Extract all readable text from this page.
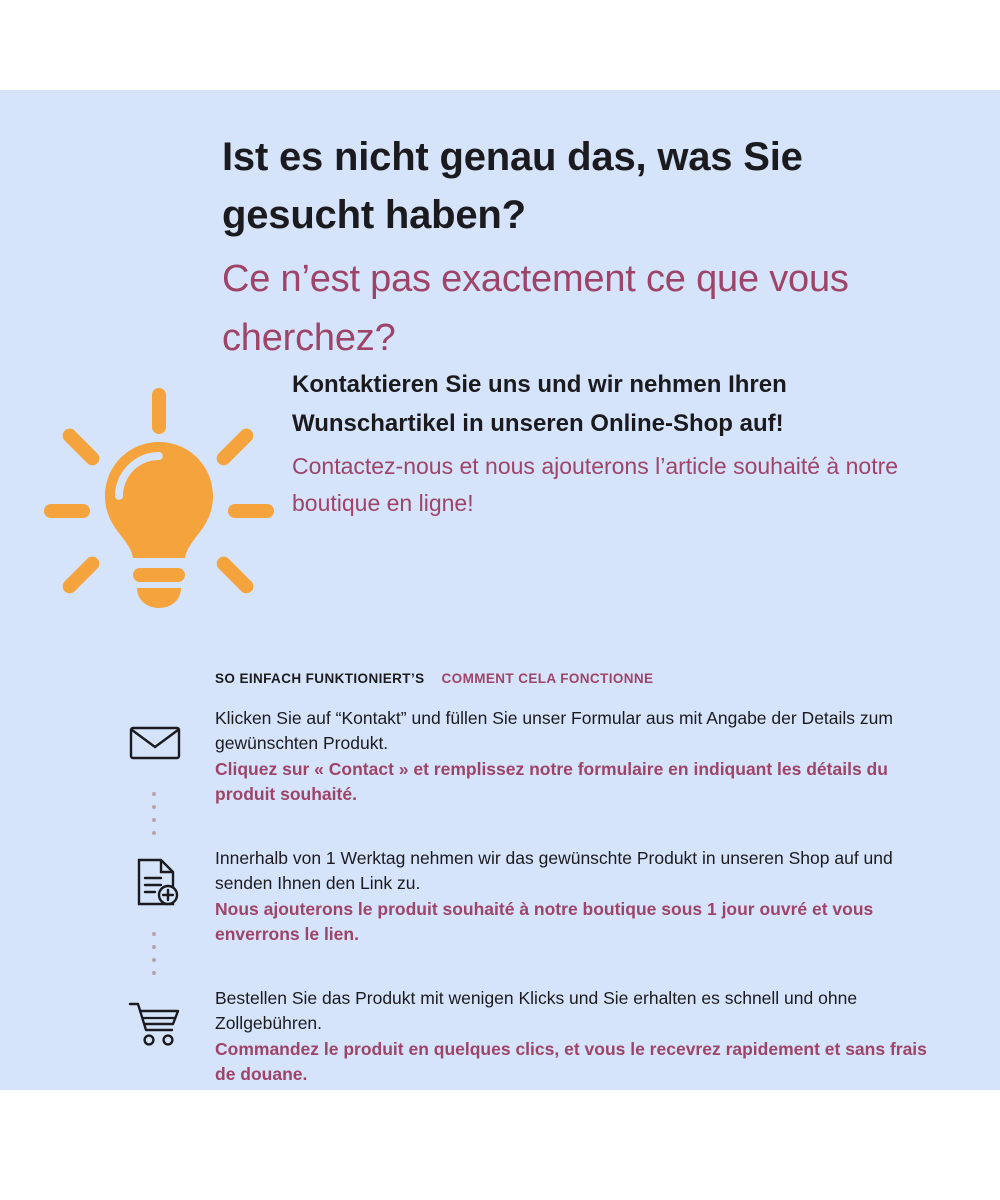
Ist es nicht genau das, was Sie gesucht haben?

Ce n’est pas exactement ce que vous cherchez?

Kontaktieren Sie uns und wir nehmen Ihren Wunschartikel in unseren Online-Shop auf!

Contactez-nous et nous ajouterons l’article souhaité à notre boutique en ligne!

SO EINFACH FUNKTIONIERT’S COMMENT CELA FONCTIONNE

Klicken Sie auf “Kontakt” und füllen Sie unser Formular aus mit Angabe der Details zum gewünschten Produkt.

Cliquez sur « Contact » et remplissez notre formulaire en indiquant les détails du produit souhaité.

Innerhalb von 1 Werktag nehmen wir das gewünschte Produkt in unseren Shop auf und senden Ihnen den Link zu.

Nous ajouterons le produit souhaité à notre boutique sous 1 jour ouvré et vous enverrons le lien.

Bestellen Sie das Produkt mit wenigen Klicks und Sie erhalten es schnell und ohne Zollgebühren.

Commandez le produit en quelques clics, et vous le recevrez rapidement et sans frais de douane.
